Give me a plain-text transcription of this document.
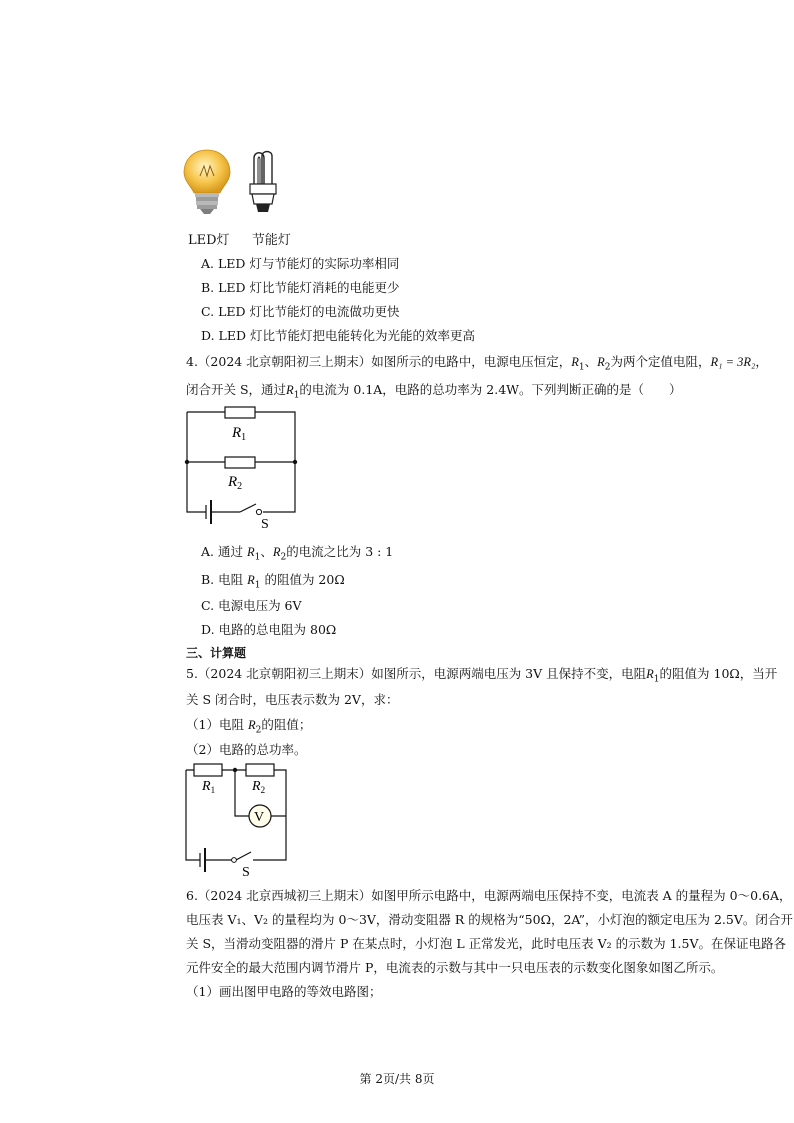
LED灯 节能灯
A. LED 灯与节能灯的实际功率相同
B. LED 灯比节能灯消耗的电能更少
C. LED 灯比节能灯的电流做功更快
D. LED 灯比节能灯把电能转化为光能的效率更高
4.（2024 北京朝阳初三上期末）如图所示的电路中，电源电压恒定，$R_1$、$R_2$为两个定值电阻，R₁ = 3R₂，
闭合开关 S，通过$R_1$的电流为 0.1A，电路的总功率为 2.4W。下列判断正确的是（　　）
$R_1$
$R_2$
S
A. 通过 $R_1$、$R_2$的电流之比为 3 : 1
B. 电阻 $R_1$ 的阻值为 20Ω
C. 电源电压为 6V
D. 电路的总电阻为 80Ω
三、计算题
5.（2024 北京朝阳初三上期末）如图所示，电源两端电压为 3V 且保持不变，电阻$R_1$的阻值为 10Ω，当开
关 S 闭合时，电压表示数为 2V，求：
（1）电阻 $R_2$的阻值；
（2）电路的总功率。
V
$R_1$	$R_2$
S
6.（2024 北京西城初三上期末）如图甲所示电路中，电源两端电压保持不变，电流表 A 的量程为 0～0.6A，
电压表 V₁、V₂ 的量程均为 0～3V，滑动变阻器 R 的规格为“50Ω，2A”，小灯泡的额定电压为 2.5V。闭合开
关 S，当滑动变阻器的滑片 P 在某点时，小灯泡 L 正常发光，此时电压表 V₂ 的示数为 1.5V。在保证电路各
元件安全的最大范围内调节滑片 P，电流表的示数与其中一只电压表的示数变化图象如图乙所示。
（1）画出图甲电路的等效电路图；
第 2页/共 8页
